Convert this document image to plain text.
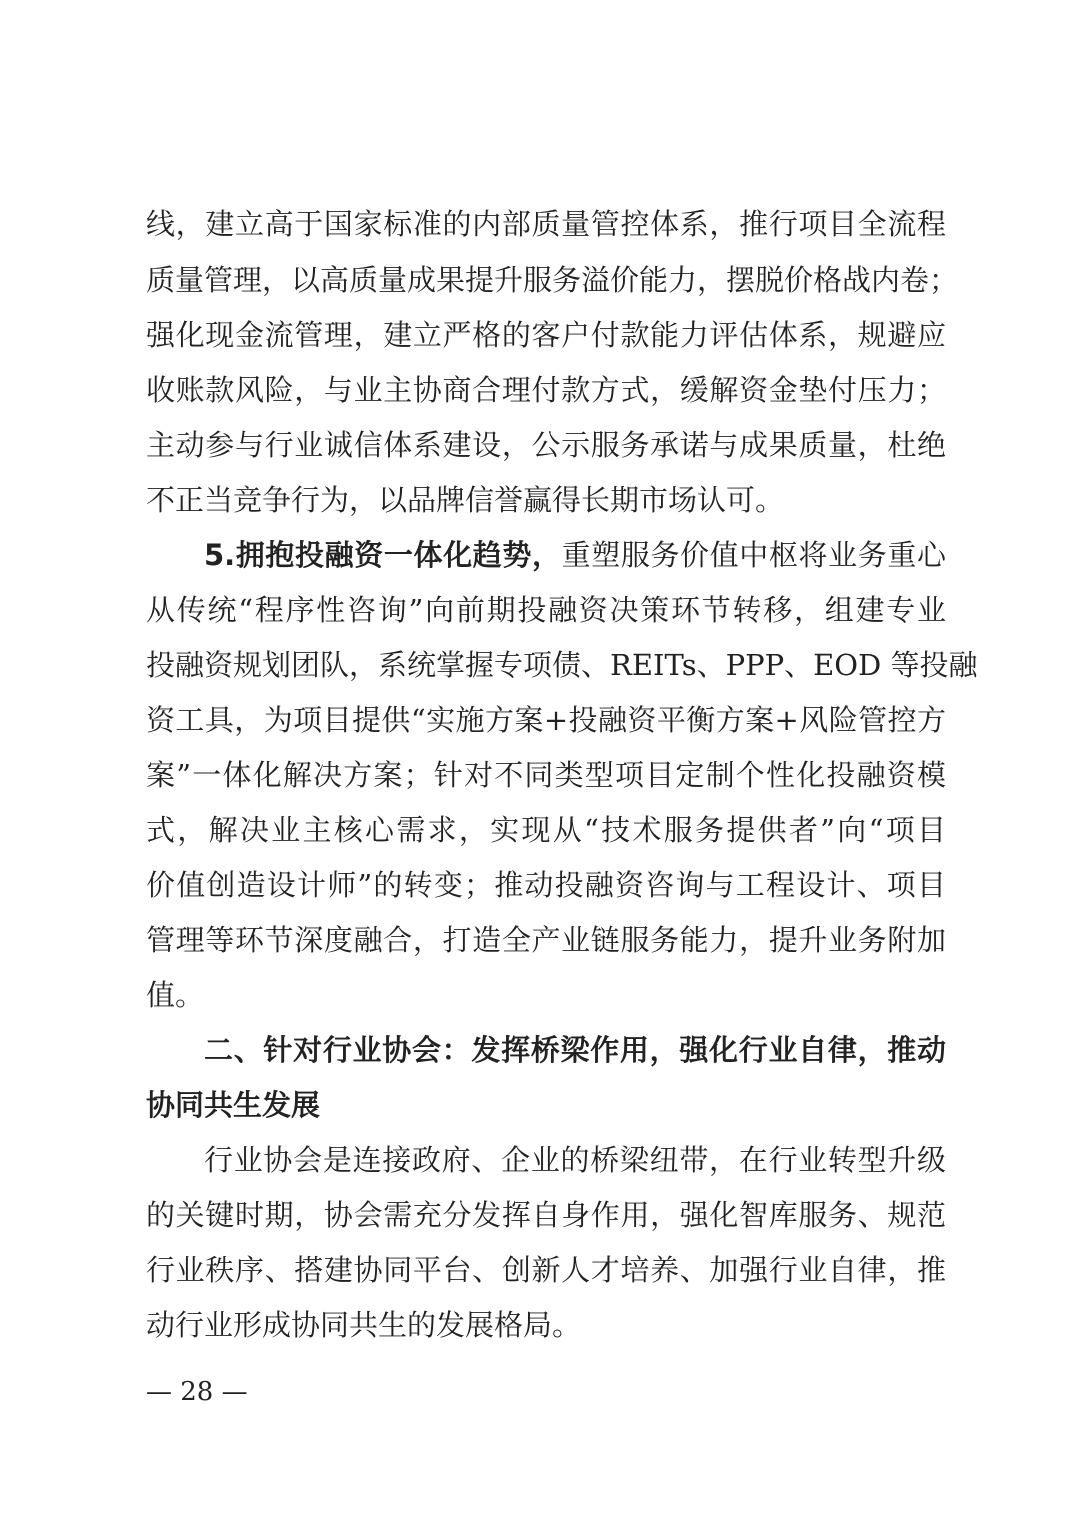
线，建立高于国家标准的内部质量管控体系，推行项目全流程
质量管理，以高质量成果提升服务溢价能力，摆脱价格战内卷；
强化现金流管理，建立严格的客户付款能力评估体系，规避应
收账款风险，与业主协商合理付款方式，缓解资金垫付压力；
主动参与行业诚信体系建设，公示服务承诺与成果质量，杜绝
不正当竞争行为，以品牌信誉赢得长期市场认可。
5.拥抱投融资一体化趋势，重塑服务价值中枢将业务重心
从传统“程序性咨询”向前期投融资决策环节转移，组建专业
投融资规划团队，系统掌握专项债、REITs、PPP、EOD 等投融
资工具，为项目提供“实施方案+投融资平衡方案+风险管控方
案”一体化解决方案；针对不同类型项目定制个性化投融资模
式，解决业主核心需求，实现从“技术服务提供者”向“项目
价值创造设计师”的转变；推动投融资咨询与工程设计、项目
管理等环节深度融合，打造全产业链服务能力，提升业务附加
值。
二、针对行业协会：发挥桥梁作用，强化行业自律，推动
协同共生发展
行业协会是连接政府、企业的桥梁纽带，在行业转型升级
的关键时期，协会需充分发挥自身作用，强化智库服务、规范
行业秩序、搭建协同平台、创新人才培养、加强行业自律，推
动行业形成协同共生的发展格局。
— 28 —
